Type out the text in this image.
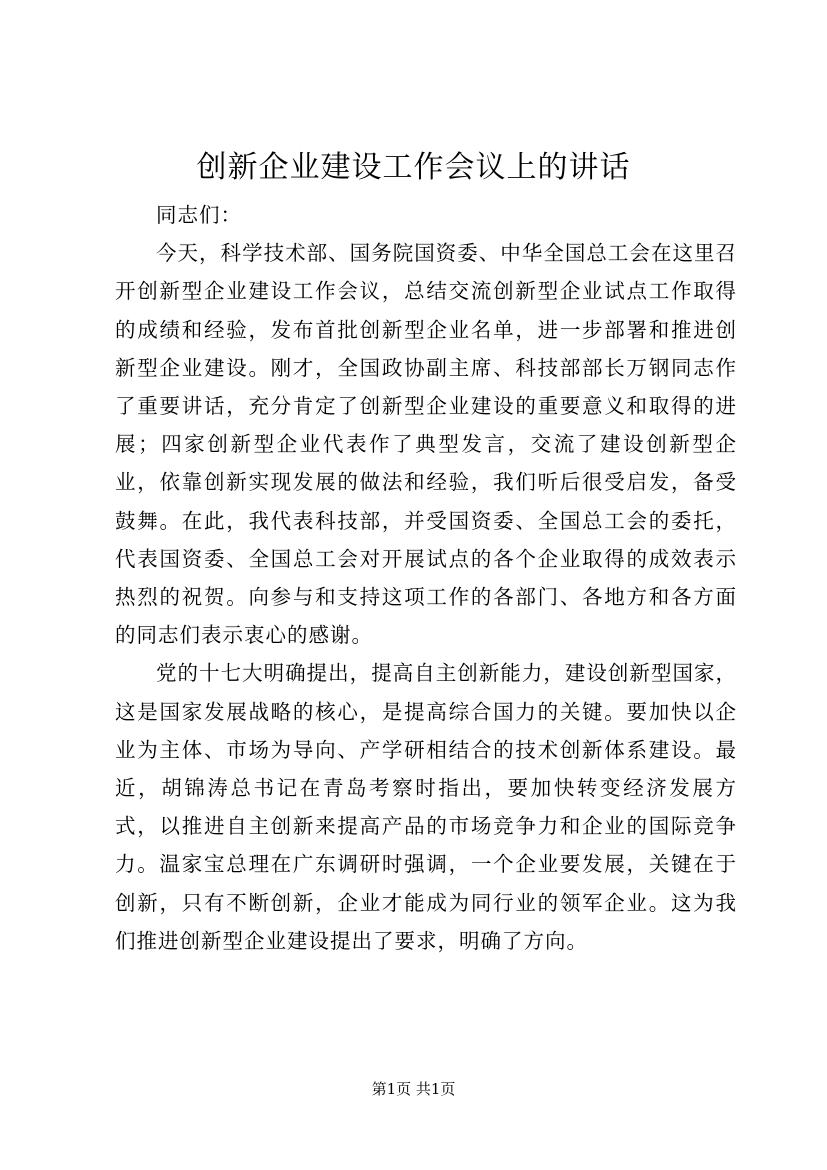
创新企业建设工作会议上的讲话

同志们：

今天，科学技术部、国务院国资委、中华全国总工会在这里召开创新型企业建设工作会议，总结交流创新型企业试点工作取得的成绩和经验，发布首批创新型企业名单，进一步部署和推进创新型企业建设。刚才，全国政协副主席、科技部部长万钢同志作了重要讲话，充分肯定了创新型企业建设的重要意义和取得的进展；四家创新型企业代表作了典型发言，交流了建设创新型企业，依靠创新实现发展的做法和经验，我们听后很受启发，备受鼓舞。在此，我代表科技部，并受国资委、全国总工会的委托，代表国资委、全国总工会对开展试点的各个企业取得的成效表示热烈的祝贺。向参与和支持这项工作的各部门、各地方和各方面的同志们表示衷心的感谢。

党的十七大明确提出，提高自主创新能力，建设创新型国家，这是国家发展战略的核心，是提高综合国力的关键。要加快以企业为主体、市场为导向、产学研相结合的技术创新体系建设。最近，胡锦涛总书记在青岛考察时指出，要加快转变经济发展方式，以推进自主创新来提高产品的市场竞争力和企业的国际竞争力。温家宝总理在广东调研时强调，一个企业要发展，关键在于创新，只有不断创新，企业才能成为同行业的领军企业。这为我们推进创新型企业建设提出了要求，明确了方向。

第1页 共1页
